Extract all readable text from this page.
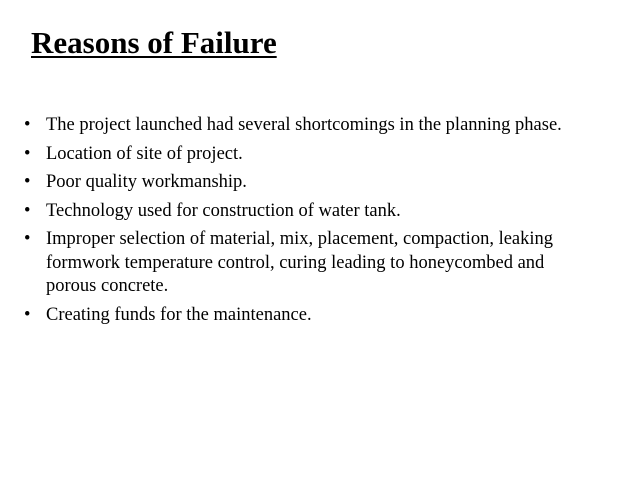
Reasons of Failure
• The project launched had several shortcomings in the planning phase.
• Location of site of project.
• Poor quality workmanship.
• Technology used for construction of water tank.
• Improper selection of material, mix, placement, compaction, leaking formwork temperature control, curing leading to honeycombed and porous concrete.
• Creating funds for the maintenance.
